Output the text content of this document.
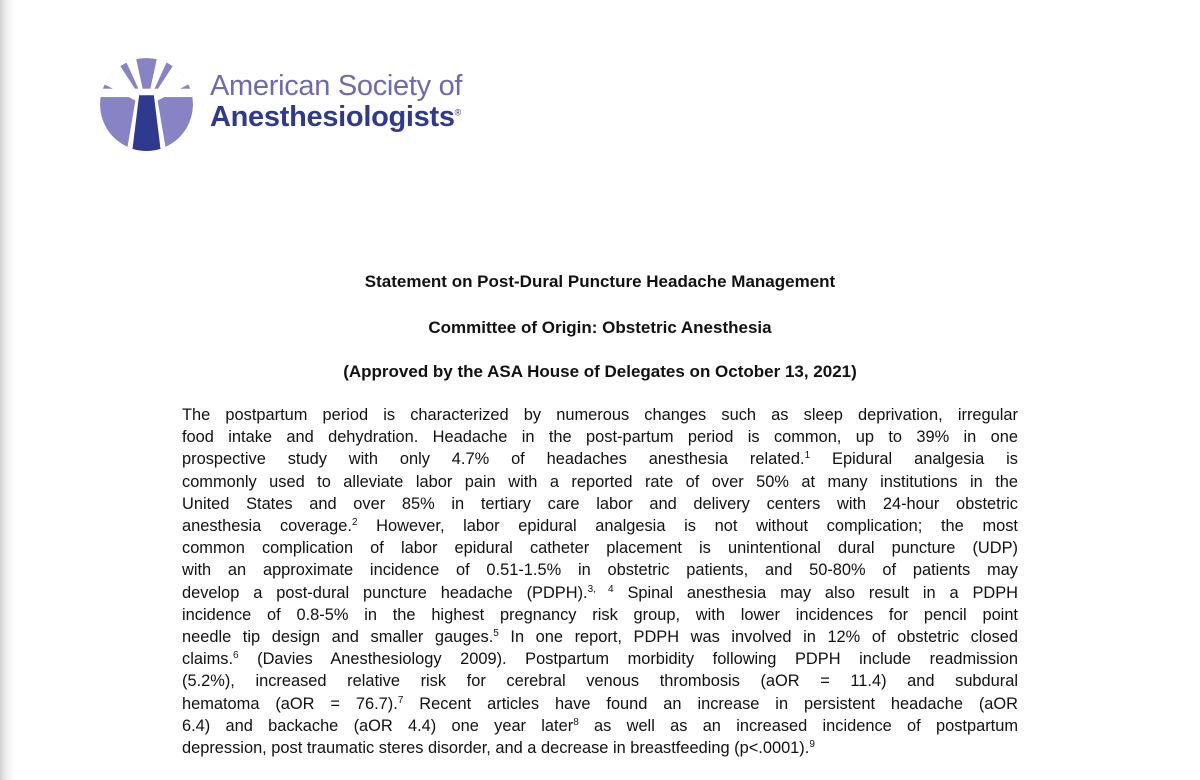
American Society of
Anesthesiologists®
Statement on Post-Dural Puncture Headache Management
Committee of Origin: Obstetric Anesthesia
(Approved by the ASA House of Delegates on October 13, 2021)
The postpartum period is characterized by numerous changes such as sleep deprivation, irregular
food intake and dehydration. Headache in the post-partum period is common, up to 39% in one
prospective study with only 4.7% of headaches anesthesia related.$^1$ Epidural analgesia is
commonly used to alleviate labor pain with a reported rate of over 50% at many institutions in the
United States and over 85% in tertiary care labor and delivery centers with 24-hour obstetric
anesthesia coverage.$^2$ However, labor epidural analgesia is not without complication; the most
common complication of labor epidural catheter placement is unintentional dural puncture (UDP)
with an approximate incidence of 0.51-1.5% in obstetric patients, and 50-80% of patients may
develop a post-dural puncture headache (PDPH).$^{3, 4}$ Spinal anesthesia may also result in a PDPH
incidence of 0.8-5% in the highest pregnancy risk group, with lower incidences for pencil point
needle tip design and smaller gauges.$^5$ In one report, PDPH was involved in 12% of obstetric closed
claims.$^6$ (Davies Anesthesiology 2009). Postpartum morbidity following PDPH include readmission
(5.2%), increased relative risk for cerebral venous thrombosis (aOR = 11.4) and subdural
hematoma (aOR = 76.7).$^7$ Recent articles have found an increase in persistent headache (aOR
6.4) and backache (aOR 4.4) one year later$^8$ as well as an increased incidence of postpartum
depression, post traumatic steres disorder, and a decrease in breastfeeding (p<.0001).$^9$
